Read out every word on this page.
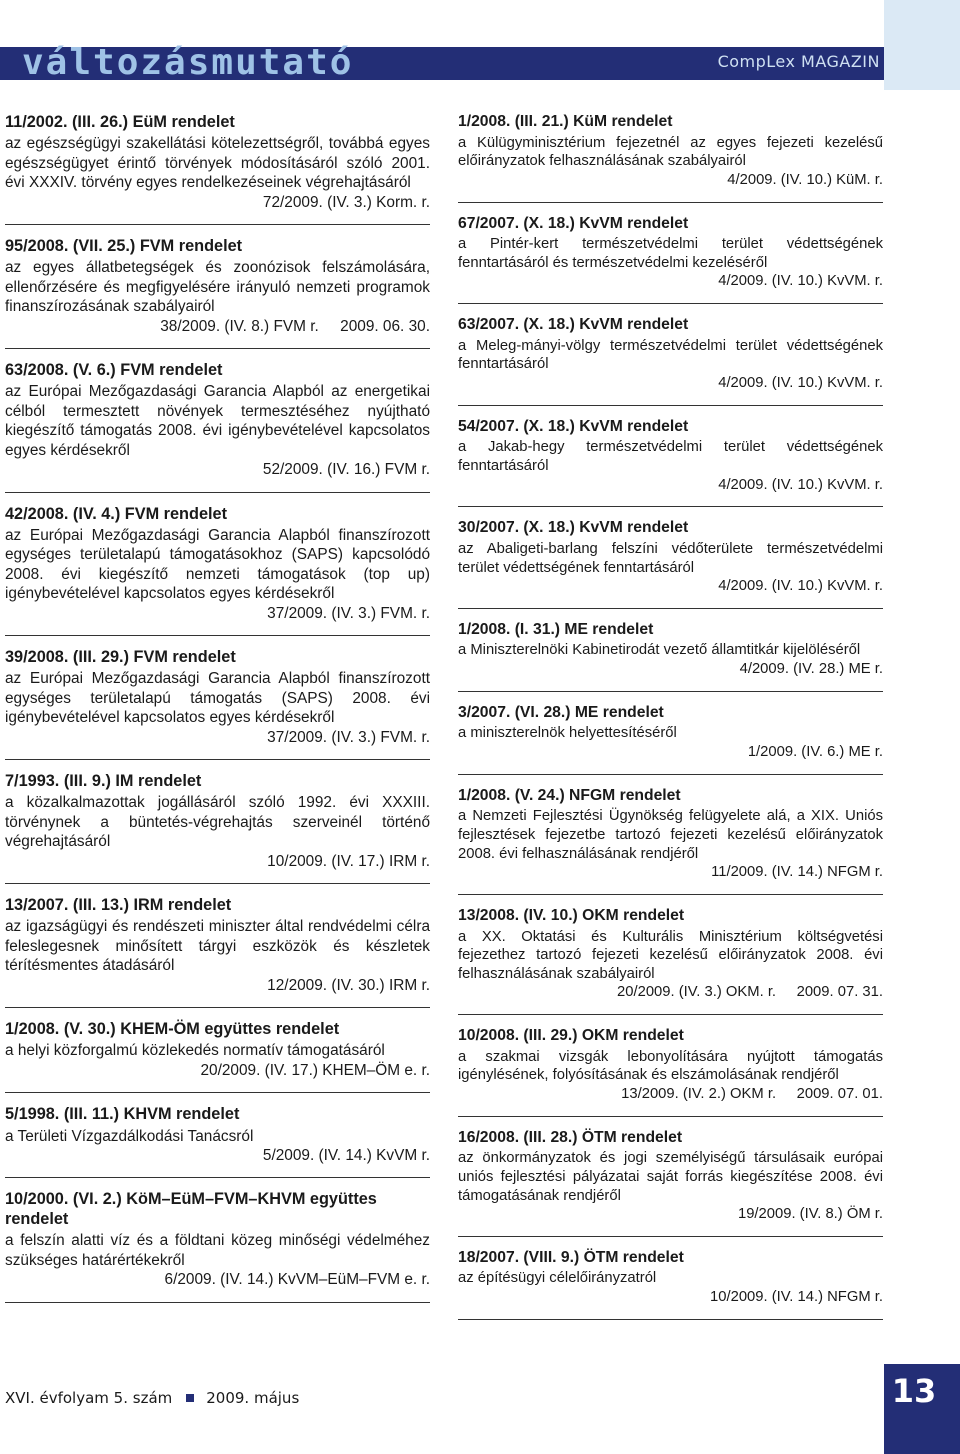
változásmutató	CompLex MAGAZIN
11/2002. (III. 26.) EüM rendelet
az egészségügyi szakellátási kötelezettségről, továbbá egyes egészségügyet érintő törvények módosításáról szóló 2001. évi XXXIV. törvény egyes rendelkezéseinek végrehajtásáról
72/2009. (IV. 3.) Korm. r.
95/2008. (VII. 25.) FVM rendelet
az egyes állatbetegségek és zoonózisok felszámolására, ellenőrzésére és megfigyelésére irányuló nemzeti programok finanszírozásának szabályairól
38/2009. (IV. 8.) FVM r.     2009. 06. 30.
63/2008. (V. 6.) FVM rendelet
az Európai Mezőgazdasági Garancia Alapból az energetikai célból termesztett növények termesztéséhez nyújtható kiegészítő támogatás 2008. évi igénybevételével kapcsolatos egyes kérdésekről
52/2009. (IV. 16.) FVM r.
42/2008. (IV. 4.) FVM rendelet
az Európai Mezőgazdasági Garancia Alapból finanszírozott egységes területalapú támogatásokhoz (SAPS) kapcsolódó 2008. évi kiegészítő nemzeti támogatások (top up) igénybevételével kapcsolatos egyes kérdésekről
37/2009. (IV. 3.) FVM. r.
39/2008. (III. 29.) FVM rendelet
az Európai Mezőgazdasági Garancia Alapból finanszírozott egységes területalapú támogatás (SAPS) 2008. évi igénybevételével kapcsolatos egyes kérdésekről
37/2009. (IV. 3.) FVM. r.
7/1993. (III. 9.) IM rendelet
a közalkalmazottak jogállásáról szóló 1992. évi XXXIII. törvénynek a büntetés-végrehajtás szerveinél történő végrehajtásáról
10/2009. (IV. 17.) IRM r.
13/2007. (III. 13.) IRM rendelet
az igazságügyi és rendészeti miniszter által rendvédelmi célra feleslegesnek minősített tárgyi eszközök és készletek térítésmentes átadásáról
12/2009. (IV. 30.) IRM r.
1/2008. (V. 30.) KHEM-ÖM együttes rendelet
a helyi közforgalmú közlekedés normatív támogatásáról
20/2009. (IV. 17.) KHEM–ÖM e. r.
5/1998. (III. 11.) KHVM rendelet
a Területi Vízgazdálkodási Tanácsról
5/2009. (IV. 14.) KvVM r.
10/2000. (VI. 2.) KöM–EüM–FVM–KHVM együttes rendelet
a felszín alatti víz és a földtani közeg minőségi védelméhez szükséges határértékekről
6/2009. (IV. 14.) KvVM–EüM–FVM e. r.
1/2008. (III. 21.) KüM rendelet
a Külügyminisztérium fejezetnél az egyes fejezeti kezelésű előirányzatok felhasználásának szabályairól
4/2009. (IV. 10.) KüM. r.
67/2007. (X. 18.) KvVM rendelet
a Pintér-kert természetvédelmi terület védettségének fenntartásáról és természetvédelmi kezeléséről
4/2009. (IV. 10.) KvVM. r.
63/2007. (X. 18.) KvVM rendelet
a Meleg-mányi-völgy természetvédelmi terület védettségének fenntartásáról
4/2009. (IV. 10.) KvVM. r.
54/2007. (X. 18.) KvVM rendelet
a Jakab-hegy természetvédelmi terület védettségének fenntartásáról
4/2009. (IV. 10.) KvVM. r.
30/2007. (X. 18.) KvVM rendelet
az Abaligeti-barlang felszíni védőterülete természetvédelmi terület védettségének fenntartásáról
4/2009. (IV. 10.) KvVM. r.
1/2008. (I. 31.) ME rendelet
a Miniszterelnöki Kabinetirodát vezető államtitkár kijelöléséről
4/2009. (IV. 28.) ME r.
3/2007. (VI. 28.) ME rendelet
a miniszterelnök helyettesítéséről
1/2009. (IV. 6.) ME r.
1/2008. (V. 24.) NFGM rendelet
a Nemzeti Fejlesztési Ügynökség felügyelete alá, a XIX. Uniós fejlesztések fejezetbe tartozó fejezeti kezelésű előirányzatok 2008. évi felhasználásának rendjéről
11/2009. (IV. 14.) NFGM r.
13/2008. (IV. 10.) OKM rendelet
a XX. Oktatási és Kulturális Minisztérium költségvetési fejezethez tartozó fejezeti kezelésű előirányzatok 2008. évi felhasználásának szabályairól
20/2009. (IV. 3.) OKM. r.     2009. 07. 31.
10/2008. (III. 29.) OKM rendelet
a szakmai vizsgák lebonyolítására nyújtott támogatás igénylésének, folyósításának és elszámolásának rendjéről
13/2009. (IV. 2.) OKM r.     2009. 07. 01.
16/2008. (III. 28.) ÖTM rendelet
az önkormányzatok és jogi személyiségű társulásaik európai uniós fejlesztési pályázatai saját forrás kiegészítése 2008. évi támogatásának rendjéről
19/2009. (IV. 8.) ÖM r.
18/2007. (VIII. 9.) ÖTM rendelet
az építésügyi célelőirányzatról
10/2009. (IV. 14.) NFGM r.
XVI. évfolyam 5. szám 2009. május	13
